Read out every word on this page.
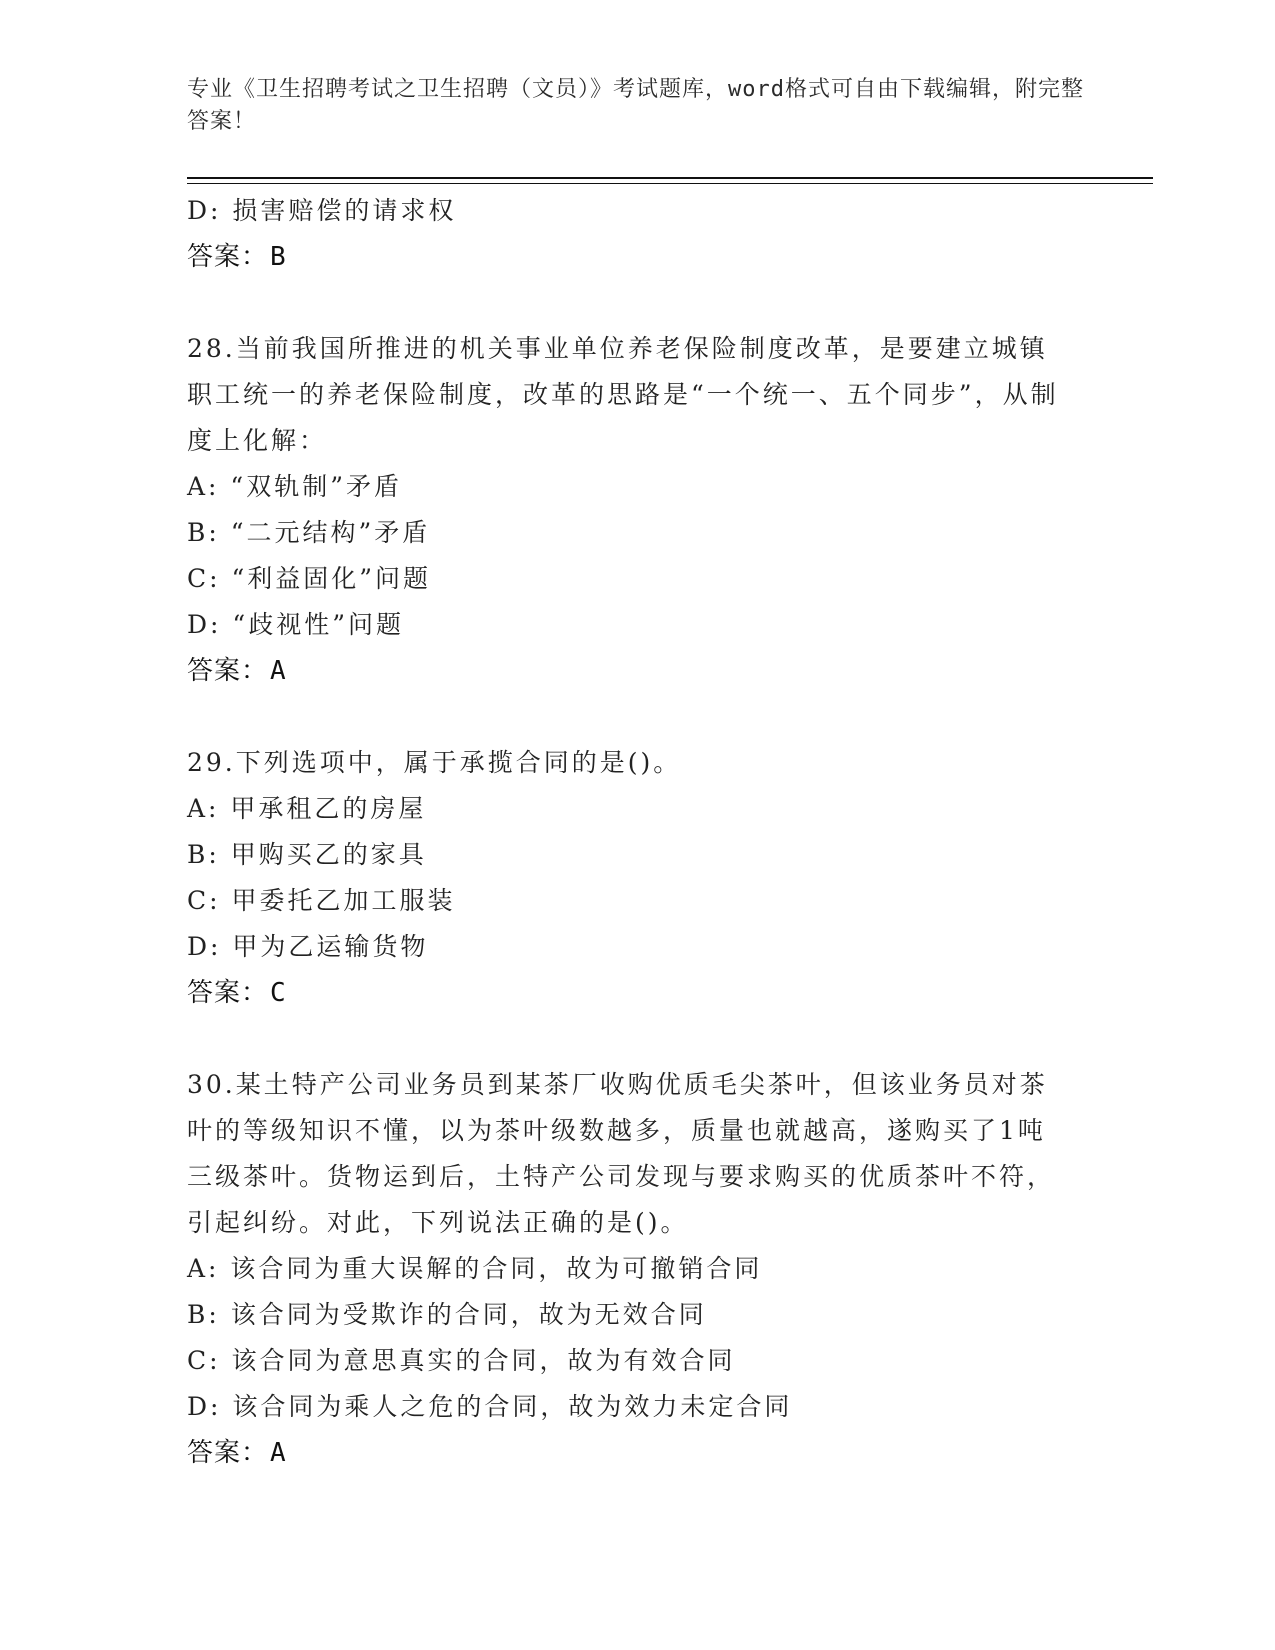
专业《卫生招聘考试之卫生招聘（文员）》考试题库，word格式可自由下载编辑，附完整答案！
D: 损害赔偿的请求权
答案： B
28.当前我国所推进的机关事业单位养老保险制度改革，是要建立城镇职工统一的养老保险制度，改革的思路是“一个统一、五个同步”，从制度上化解：
A: “双轨制”矛盾
B: “二元结构”矛盾
C: “利益固化”问题
D: “歧视性”问题
答案： A
29.下列选项中，属于承揽合同的是()。
A: 甲承租乙的房屋
B: 甲购买乙的家具
C: 甲委托乙加工服装
D: 甲为乙运输货物
答案： C
30.某土特产公司业务员到某茶厂收购优质毛尖茶叶，但该业务员对茶叶的等级知识不懂，以为茶叶级数越多，质量也就越高，遂购买了1吨三级茶叶。货物运到后，土特产公司发现与要求购买的优质茶叶不符，引起纠纷。对此，下列说法正确的是()。
A: 该合同为重大误解的合同，故为可撤销合同
B: 该合同为受欺诈的合同，故为无效合同
C: 该合同为意思真实的合同，故为有效合同
D: 该合同为乘人之危的合同，故为效力未定合同
答案： A
